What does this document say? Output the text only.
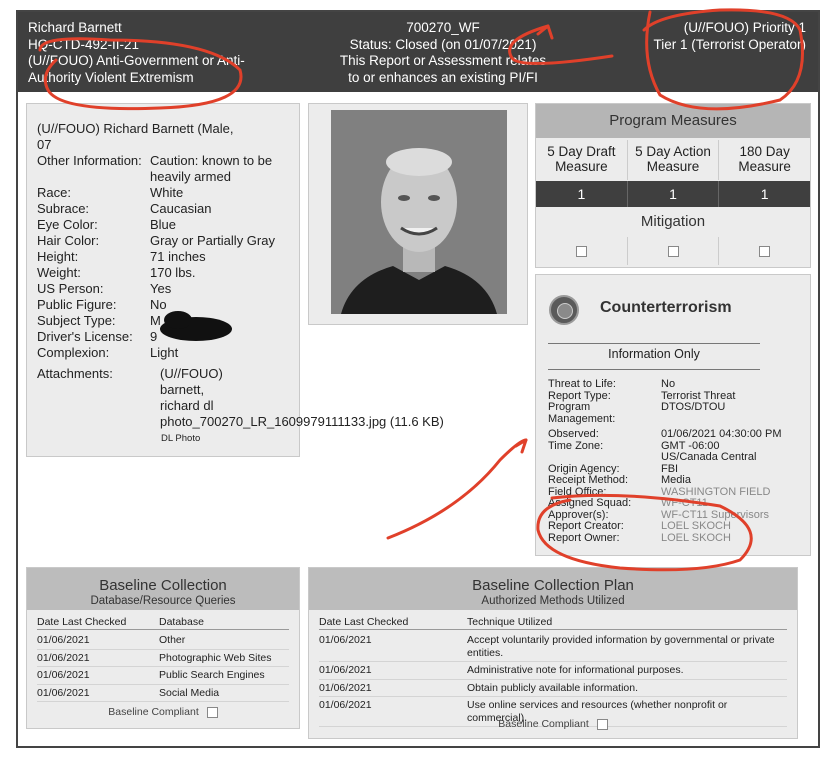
Richard Barnett
HQ-CTD-492-II-21
(U//FOUO) Anti-Government or Anti-
Authority Violent Extremism
700270_WF
Status: Closed (on 01/07/2021)
This Report or Assessment relates
to or enhances an existing PI/FI
(U//FOUO) Priority 1
Tier 1 (Terrorist Operator)
(U//FOUO) Richard Barnett (Male,
07
Other Information: Caution: known to be heavily armed
Race:	White
Subrace:	Caucasian
Eye Color:	Blue
Hair Color:	Gray or Partially Gray
Height:	71 inches
Weight:	170 lbs.
US Person:	Yes
Public Figure:	No
Subject Type:	M
Driver's License:	9
Complexion:	Light
Attachments:	(U//FOUO)
barnett,
richard dl
photo_700270_LR_1609979111133.jpg (11.6 KB)
DL Photo
Program Measures
5 Day Draft Measure
5 Day Action Measure
180 Day Measure
1	1	1
Mitigation
Counterterrorism
Information Only
Threat to Life:	No
Report Type:	Terrorist Threat
Program Management:
DTOS/DTOU
Observed:	01/06/2021 04:30:00 PM
Time Zone:	GMT -06:00 US/Canada Central
Origin Agency:	FBI
Receipt Method:	Media
Field Office:	WASHINGTON FIELD
Assigned Squad:	WF-CT11
Approver(s):	WF-CT11 Supervisors
Report Creator:	LOEL SKOCH
Report Owner:	LOEL SKOCH
Baseline Collection
Database/Resource Queries
Date Last Checked	Database
01/06/2021	Other
01/06/2021	Photographic Web Sites
01/06/2021	Public Search Engines
01/06/2021	Social Media
Baseline Compliant
Baseline Collection Plan
Authorized Methods Utilized
Date Last Checked	Technique Utilized
01/06/2021	Accept voluntarily provided information by governmental or private entities.
01/06/2021	Administrative note for informational purposes.
01/06/2021	Obtain publicly available information.
01/06/2021	Use online services and resources (whether nonprofit or commercial).
Baseline Compliant
